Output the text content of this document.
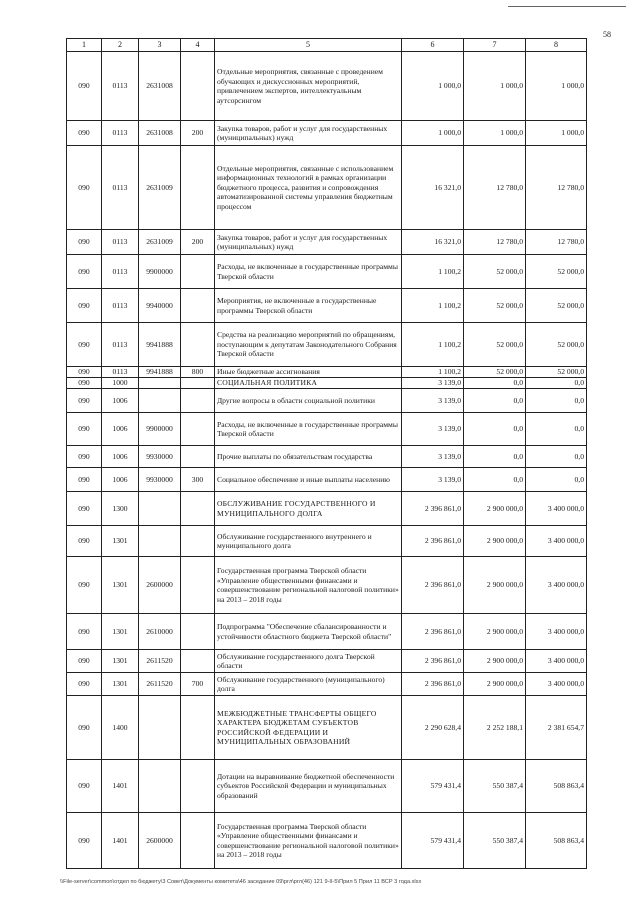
58
1	2	3	4	5	6	7	8
090	0113	2631008		Отдельные мероприятия, связанные с проведением обучающих и дискуссионных мероприятий, привлечением экспертов, интеллектуальным аутсорсингом	1 000,0	1 000,0	1 000,0
090	0113	2631008	200	Закупка товаров, работ и услуг для государственных (муниципальных) нужд	1 000,0	1 000,0	1 000,0
090	0113	2631009		Отдельные мероприятия, связанные с использованием информационных технологий в рамках организации бюджетного процесса, развития и сопровождения автоматизированной системы управления бюджетным процессом	16 321,0	12 780,0	12 780,0
090	0113	2631009	200	Закупка товаров, работ и услуг для государственных (муниципальных) нужд	16 321,0	12 780,0	12 780,0
090	0113	9900000		Расходы, не включенные в государственные программы Тверской области	1 100,2	52 000,0	52 000,0
090	0113	9940000		Мероприятия, не включенные в государственные программы Тверской области	1 100,2	52 000,0	52 000,0
090	0113	9941888		Средства на реализацию мероприятий по обращениям, поступающим к депутатам Законодательного Собрания Тверской области	1 100,2	52 000,0	52 000,0
090	0113	9941888	800	Иные бюджетные ассигнования	1 100,2	52 000,0	52 000,0
090	1000			СОЦИАЛЬНАЯ ПОЛИТИКА	3 139,0	0,0	0,0
090	1006			Другие вопросы в области социальной политики	3 139,0	0,0	0,0
090	1006	9900000		Расходы, не включенные в государственные программы Тверской области	3 139,0	0,0	0,0
090	1006	9930000		Прочие выплаты по обязательствам государства	3 139,0	0,0	0,0
090	1006	9930000	300	Социальное обеспечение и иные выплаты населению	3 139,0	0,0	0,0
090	1300			ОБСЛУЖИВАНИЕ ГОСУДАРСТВЕННОГО И МУНИЦИПАЛЬНОГО ДОЛГА	2 396 861,0	2 900 000,0	3 400 000,0
090	1301			Обслуживание государственного внутреннего и муниципального долга	2 396 861,0	2 900 000,0	3 400 000,0
090	1301	2600000		Государственная программа Тверской области «Управление общественными финансами и совершенствование региональной налоговой политики» на 2013 – 2018 годы	2 396 861,0	2 900 000,0	3 400 000,0
090	1301	2610000		Подпрограмма "Обеспечение сбалансированности и устойчивости областного бюджета Тверской области"	2 396 861,0	2 900 000,0	3 400 000,0
090	1301	2611520		Обслуживание государственного долга Тверской области	2 396 861,0	2 900 000,0	3 400 000,0
090	1301	2611520	700	Обслуживание государственного (муниципального) долга	2 396 861,0	2 900 000,0	3 400 000,0
090	1400			МЕЖБЮДЖЕТНЫЕ ТРАНСФЕРТЫ ОБЩЕГО ХАРАКТЕРА БЮДЖЕТАМ СУБЪЕКТОВ РОССИЙСКОЙ ФЕДЕРАЦИИ И МУНИЦИПАЛЬНЫХ ОБРАЗОВАНИЙ	2 290 628,4	2 252 188,1	2 381 654,7
090	1401			Дотации на выравнивание бюджетной обеспеченности субъектов Российской Федерации и муниципальных образований	579 431,4	550 387,4	508 863,4
090	1401	2600000		Государственная программа Тверской области «Управление общественными финансами и совершенствование региональной налоговой политики» на 2013 – 2018 годы	579 431,4	550 387,4	508 863,4
\\File-server\common\отдел по бюджету\3 Совет\Документы комитета\46 заседание 09\ргл\ргл(46) 121 9-II-5\Прил 5 Прил 11 ВСР 3 года.xlsx
